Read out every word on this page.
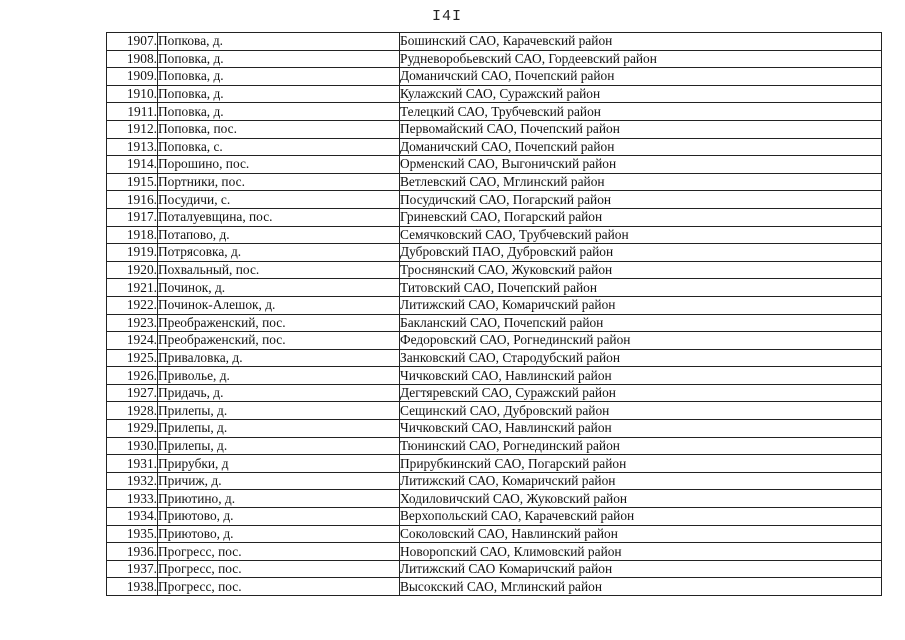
I4I
1907.	Попкова, д.	Бошинский САО, Карачевский район
1908.	Поповка, д.	Рудневоробьевский САО, Гордеевский район
1909.	Поповка, д.	Доманичский САО, Почепский район
1910.	Поповка, д.	Кулажский САО, Суражский район
1911.	Поповка, д.	Телецкий САО, Трубчевский район
1912.	Поповка, пос.	Первомайский САО, Почепский район
1913.	Поповка, с.	Доманичский САО, Почепский район
1914.	Порошино, пос.	Орменский САО, Выгоничский район
1915.	Портники, пос.	Ветлевский САО, Мглинский район
1916.	Посудичи, с.	Посудичский САО, Погарский район
1917.	Поталуевщина, пос.	Гриневский САО, Погарский район
1918.	Потапово, д.	Семячковский САО, Трубчевский район
1919.	Потрясовка, д.	Дубровский ПАО, Дубровский район
1920.	Похвальный, пос.	Троснянский САО, Жуковский район
1921.	Починок, д.	Титовский САО, Почепский район
1922.	Починок-Алешок, д.	Литижский САО, Комаричский район
1923.	Преображенский, пос.	Бакланский САО, Почепский район
1924.	Преображенский, пос.	Федоровский САО, Рогнединский район
1925.	Приваловка, д.	Занковский САО, Стародубский район
1926.	Приволье, д.	Чичковский САО, Навлинский район
1927.	Придачь, д.	Дегтяревский САО, Суражский район
1928.	Прилепы, д.	Сещинский САО, Дубровский район
1929.	Прилепы, д.	Чичковский САО, Навлинский район
1930.	Прилепы, д.	Тюнинский САО, Рогнединский район
1931.	Прирубки, д	Прирубкинский САО, Погарский район
1932.	Причиж, д.	Литижский САО, Комаричский район
1933.	Приютино, д.	Ходиловичский САО, Жуковский район
1934.	Приютово, д.	Верхопольский САО, Карачевский район
1935.	Приютово, д.	Соколовский САО, Навлинский район
1936.	Прогресс, пос.	Новоропский САО, Климовский район
1937.	Прогресс, пос.	Литижский САО Комаричский район
1938.	Прогресс, пос.	Высокский САО, Мглинский район
